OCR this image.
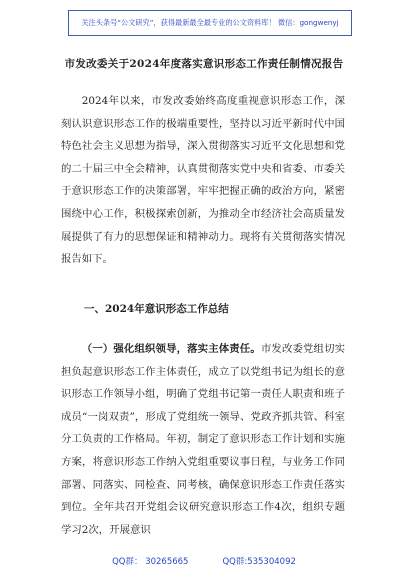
关注头条号“公文研究”，获得最新最全最专业的公文资料库！ 微信：gongwenyj
市发改委关于2024年度落实意识形态工作责任制情况报告

2024年以来，市发改委始终高度重视意识形态工作，深刻认识意识形态工作的极端重要性，坚持以习近平新时代中国特色社会主义思想为指导，深入贯彻落实习近平文化思想和党的二十届三中全会精神，认真贯彻落实党中央和省委、市委关于意识形态工作的决策部署，牢牢把握正确的政治方向，紧密围绕中心工作，积极探索创新，为推动全市经济社会高质量发展提供了有力的思想保证和精神动力。现将有关贯彻落实情况报告如下。

一、2024年意识形态工作总结

（一）强化组织领导，落实主体责任。市发改委党组切实担负起意识形态工作主体责任，成立了以党组书记为组长的意识形态工作领导小组，明确了党组书记第一责任人职责和班子成员“一岗双责”，形成了党组统一领导、党政齐抓共管、科室分工负责的工作格局。年初，制定了意识形态工作计划和实施方案，将意识形态工作纳入党组重要议事日程，与业务工作同部署、同落实、同检查、同考核，确保意识形态工作责任落实到位。全年共召开党组会议研究意识形态工作4次，组织专题学习2次，开展意识

QQ群： 30265665	QQ群:535304092
